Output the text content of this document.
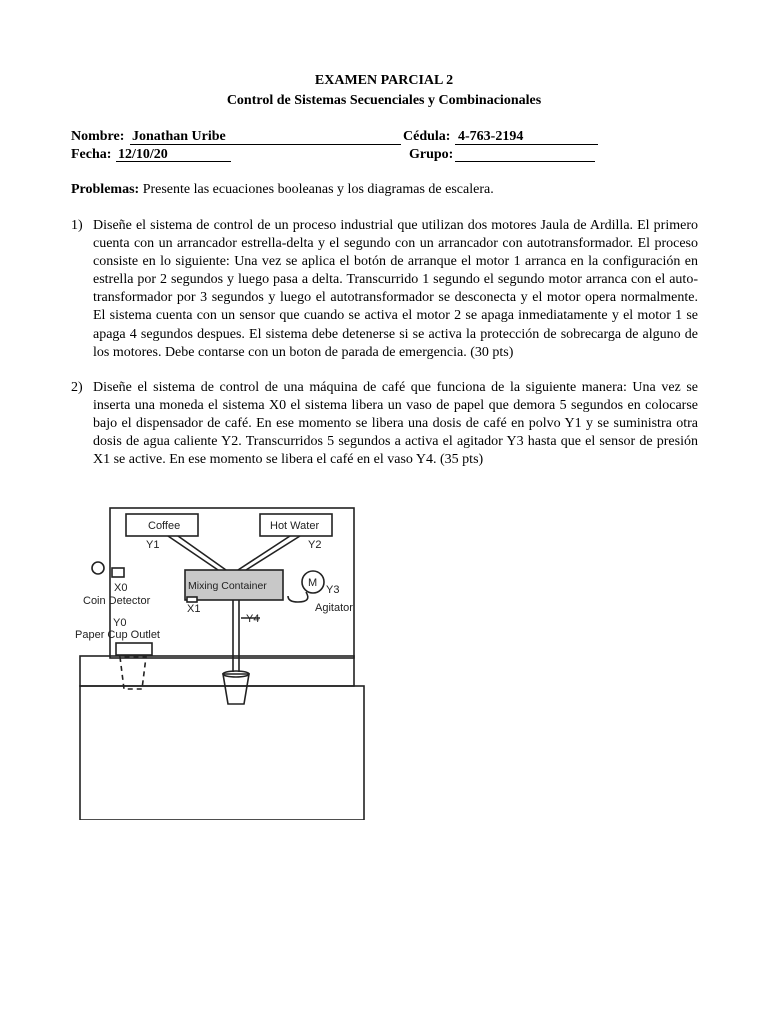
EXAMEN PARCIAL 2
Control de Sistemas Secuenciales y Combinacionales
Nombre: Jonathan Uribe	Cédula: 4-763-2194
Fecha: 12/10/20	Grupo:
Problemas: Presente las ecuaciones booleanas y los diagramas de escalera.
1) Diseñe el sistema de control de un proceso industrial que utilizan dos motores Jaula de Ardilla. El primero cuenta con un arrancador estrella-delta y el segundo con un arrancador con autotransformador. El proceso consiste en lo siguiente: Una vez se aplica el botón de arranque el motor 1 arranca en la configuración en estrella por 2 segundos y luego pasa a delta. Transcurrido 1 segundo el segundo motor arranca con el auto-transformador por 3 segundos y luego el autotransformador se desconecta y el motor opera normalmente. El sistema cuenta con un sensor que cuando se activa el motor 2 se apaga inmediatamente y el motor 1 se apaga 4 segundos despues. El sistema debe detenerse si se activa la protección de sobrecarga de alguno de los motores. Debe contarse con un boton de parada de emergencia. (30 pts)
2) Diseñe el sistema de control de una máquina de café que funciona de la siguiente manera: Una vez se inserta una moneda el sistema X0 el sistema libera un vaso de papel que demora 5 segundos en colocarse bajo el dispensador de café. En ese momento se libera una dosis de café en polvo Y1 y se suministra otra dosis de agua caliente Y2. Transcurridos 5 segundos a activa el agitador Y3 hasta que el sensor de presión X1 se active. En ese momento se libera el café en el vaso Y4. (35 pts)
Coffee	Hot Water
Y1	Y2
Mixing Container	M
Y3
Agitator
X0
Coin Detector
X1
Y4
Y0
Paper Cup Outlet
